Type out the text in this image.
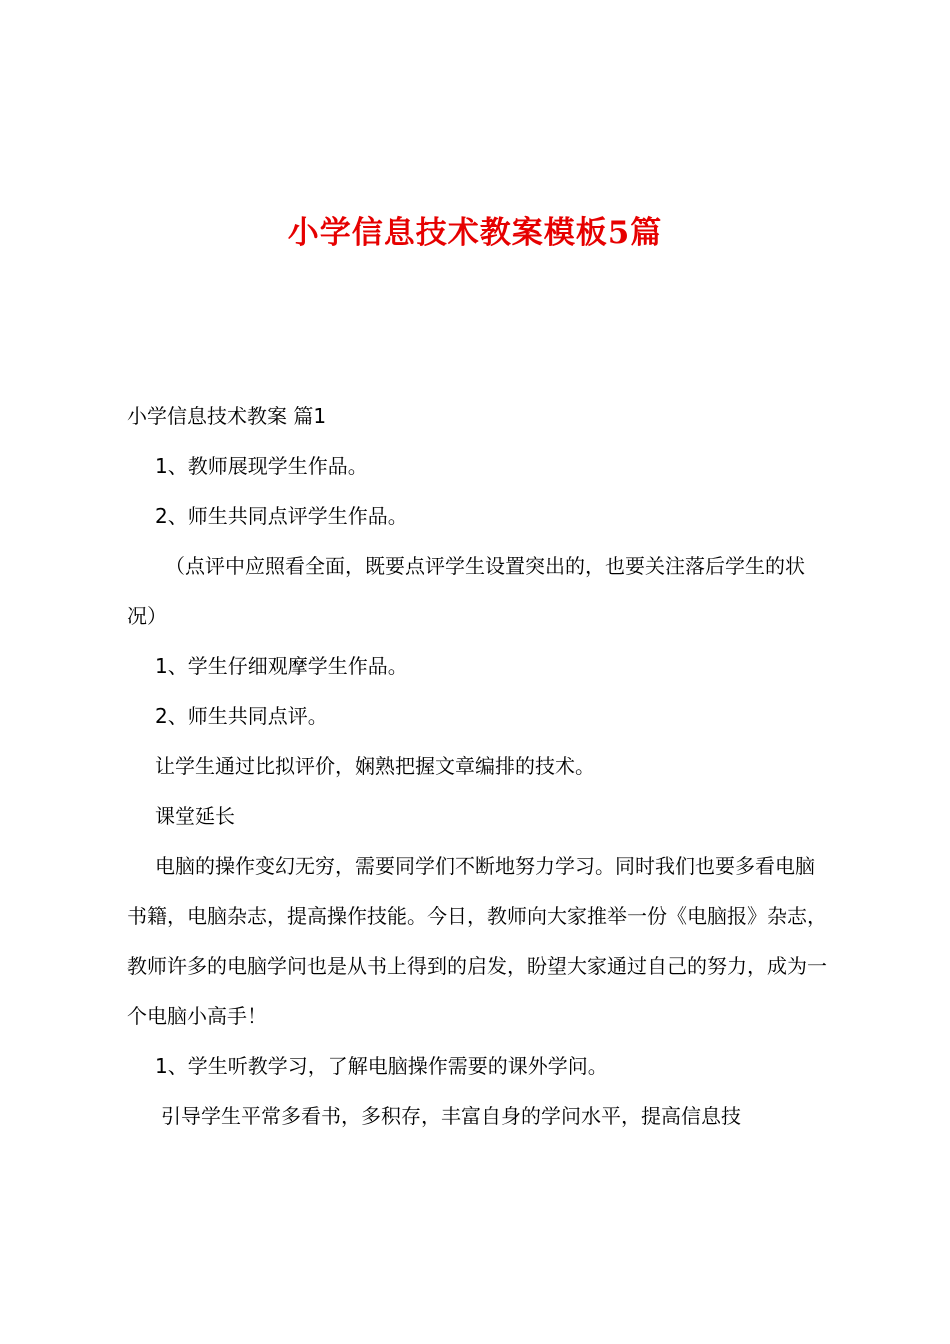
小学信息技术教案模板5篇

小学信息技术教案 篇1

1、教师展现学生作品。

2、师生共同点评学生作品。

（点评中应照看全面，既要点评学生设置突出的，也要关注落后学生的状况）

1、学生仔细观摩学生作品。

2、师生共同点评。

让学生通过比拟评价，娴熟把握文章编排的技术。

课堂延长

电脑的操作变幻无穷，需要同学们不断地努力学习。同时我们也要多看电脑书籍，电脑杂志，提高操作技能。今日，教师向大家推举一份《电脑报》杂志，教师许多的电脑学问也是从书上得到的启发，盼望大家通过自己的努力，成为一个电脑小高手！

1、学生听教学习，了解电脑操作需要的课外学问。

引导学生平常多看书，多积存，丰富自身的学问水平，提高信息技
